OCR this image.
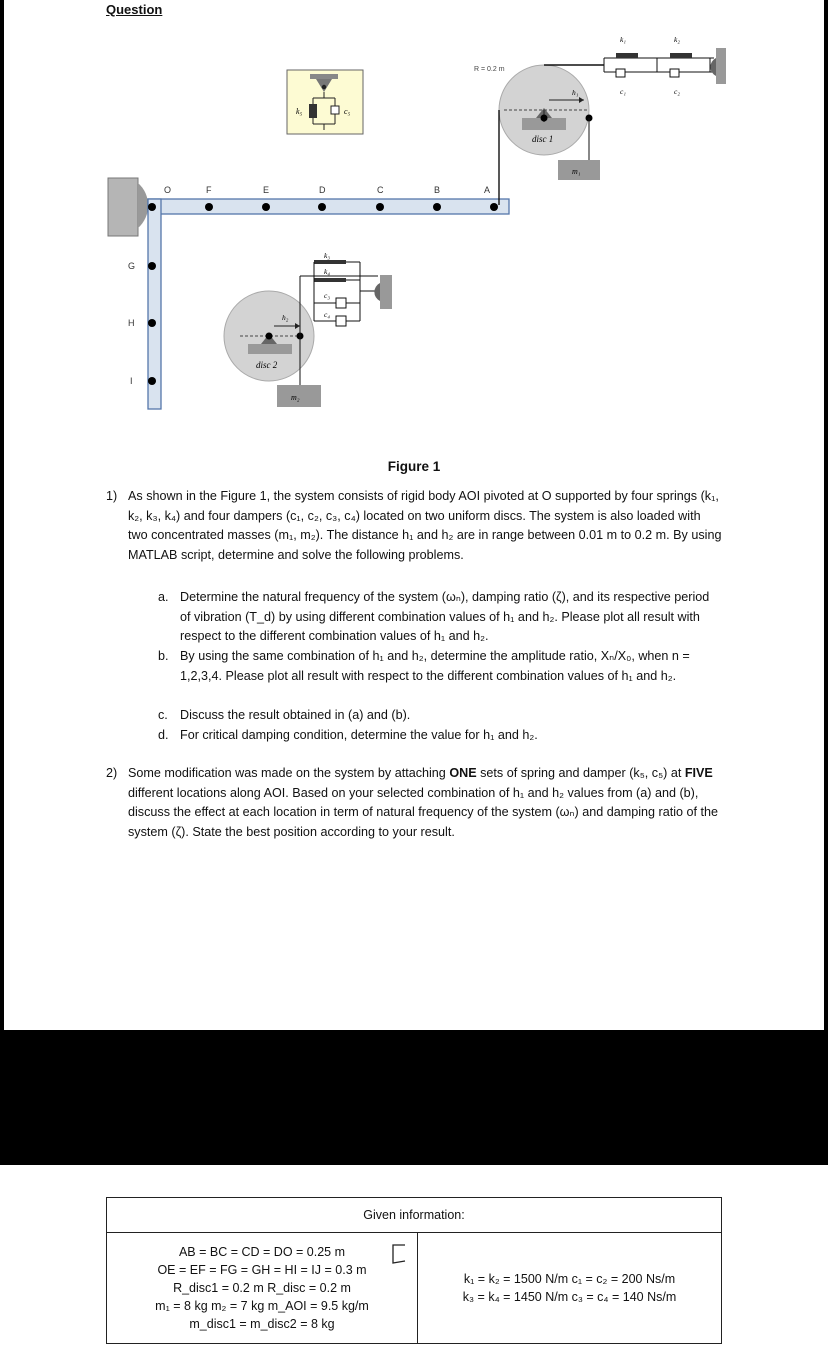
Question
O	F	E	D	C	B	A
G
H
I
k₅	c₅
disc 1
h₁
R = 0.2 m
m₁
k₁	k₂
c₁	c₂
disc 2
h₂
m₂
k₃
k₄
c₃
c₄
Figure 1
1) As shown in the Figure 1, the system consists of rigid body AOI pivoted at O supported by four springs (k₁, k₂, k₃, k₄) and four dampers (c₁, c₂, c₃, c₄) located on two uniform discs. The system is also loaded with two concentrated masses (m₁, m₂). The distance h₁ and h₂ are in range between 0.01 m to 0.2 m. By using MATLAB script, determine and solve the following problems.
a. Determine the natural frequency of the system (ωₙ), damping ratio (ζ), and its respective period of vibration (T_d) by using different combination values of h₁ and h₂. Please plot all result with respect to the different combination values of h₁ and h₂.
b. By using the same combination of h₁ and h₂, determine the amplitude ratio, Xₙ/X₀, when n = 1,2,3,4. Please plot all result with respect to the different combination values of h₁ and h₂.
c. Discuss the result obtained in (a) and (b).
d. For critical damping condition, determine the value for h₁ and h₂.
2) Some modification was made on the system by attaching ONE sets of spring and damper (k₅, c₅) at FIVE different locations along AOI. Based on your selected combination of h₁ and h₂ values from (a) and (b), discuss the effect at each location in term of natural frequency of the system (ωₙ) and damping ratio of the system (ζ). State the best position according to your result.
Given information:

AB = BC = CD = DO = 0.25 m
OE = EF = FG = GH = HI = IJ = 0.3 m
R_disc1 = 0.2 m R_disc = 0.2 m
m₁ = 8 kg m₂ = 7 kg m_AOI = 9.5 kg/m
m_disc1 = m_disc2 = 8 kg

k₁ = k₂ = 1500 N/m c₁ = c₂ = 200 Ns/m
k₃ = k₄ = 1450 N/m c₃ = c₄ = 140 Ns/m
